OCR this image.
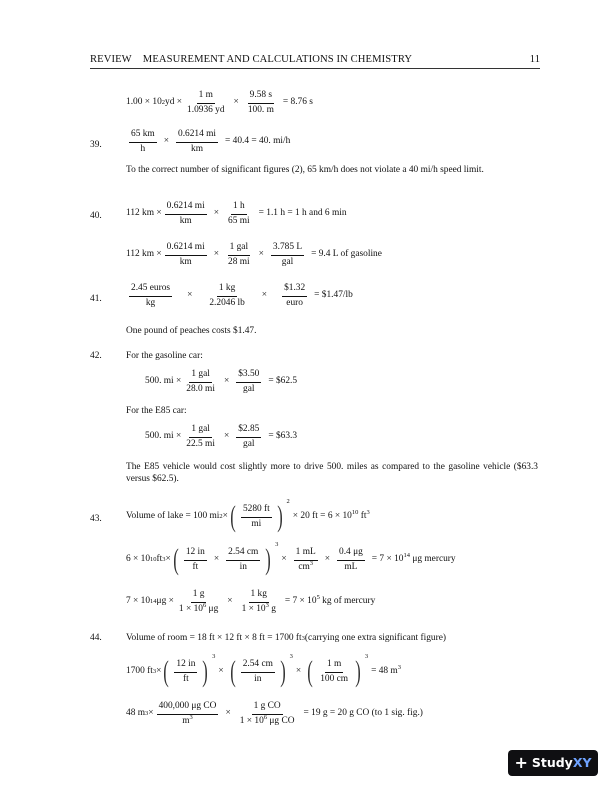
REVIEW MEASUREMENT AND CALCULATIONS IN CHEMISTRY	11
1.00 × 10 2 yd × $\frac{1 m}{1.0936 yd} \times \frac{9.58 s}{100. m} = 8.76$ s
39.	$\frac{65 km}{h} \times \frac{0.6214 mi}{km} = 40.4 = 40$. mi/h
To the correct number of significant figures (2), 65 km/h does not violate a 40 mi/h speed limit.
40.	112 km × $\frac{0.6214 mi}{km} \times \frac{1 h}{65 mi} = 1.1$ h = 1 h and 6 min
112 km × $\frac{0.6214 mi}{km} \times \frac{\text{1 gal}}{28 mi} \times \frac{3.785 L}{\text{gal}} = 9.4$ L of gasoline
41.	$\frac{\text{2.45 euros}}{kg} \times \frac{1 kg}{2.2046 lb} \times \frac{\$1.32}{\text{euro}}$ = $1.47/lb
One pound of peaches costs $1.47.
42.	For the gasoline car:
500. mi × $\frac{\text{1 gal}}{28.0 mi} \times \frac{\$3.50}{\text{gal}}$ = $62.5
For the E85 car:
500. mi × $\frac{\text{1 gal}}{22.5 mi} \times \frac{\$2.85}{\text{gal}}$ = $63.3
The E85 vehicle would cost slightly more to drive 500. miles as compared to the gasoline vehicle ($63.3 versus $62.5).
43.	Volume of lake = 100 mi 2 × ( $\frac{5280 ft}{mi}$ ) 2
× 20 ft = $6 \times 10^{10}$ $ft^3$
6 × 10 10 ft 3 × ( $\frac{12 in}{ft} \times \frac{2.54 cm}{in}$ ) 3
× $\frac{1 mL}{cm^3} \times \frac{0.4 \mu g}{mL} = 7 \times 10^{14}$ μg mercury
7 × 10 14 $\mu g \times \frac{1 g}{1 \times 10^6 \mu g} \times \frac{1 kg}{1 \times 10^3 g} = 7 \times 10^5$ kg of mercury
44.	Volume of room = 18 ft × 12 ft × 8 ft = 1700 ft 3 (carrying one extra significant figure)
1700 ft 3 × ( $\frac{12 in}{ft}$ ) 3
× ( $\frac{2.54 cm}{in}$ ) 3
× ( $\frac{1 m}{100 cm}$ ) 3
= 48 $m^3$
48 m $3 \times \frac{\text{400,000 μg CO}}{m^3} \times \frac{\text{1 g CO}}{1 \times 10^6 \mu g CO} = 19$ g = 20 g CO (to 1 sig. fig.)
+ Study XY
